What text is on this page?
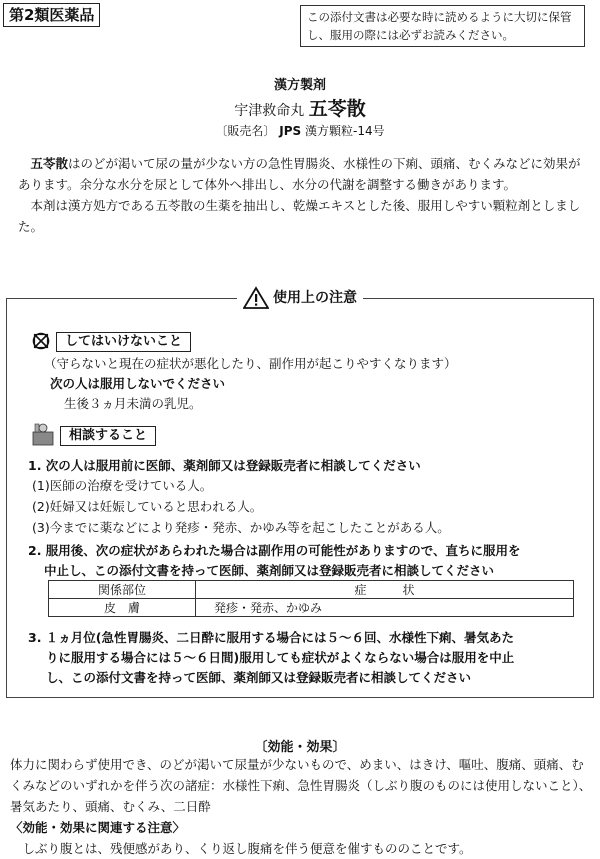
第2類医薬品	この添付文書は必要な時に読めるように大切に保管し、服用の際には必ずお読みください。
漢方製剤
宇津救命丸 五苓散
〔販売名〕 JPS 漢方顆粒-14号

五苓散はのどが渇いて尿の量が少ない方の急性胃腸炎、水様性の下痢、頭痛、むくみなどに効果があります。余分な水分を尿として体外へ排出し、水分の代謝を調整する働きがあります。

本剤は漢方処方である五苓散の生薬を抽出し、乾燥エキスとした後、服用しやすい顆粒剤としました。

使用上の注意
してはいけないこと
（守らないと現在の症状が悪化したり、副作用が起こりやすくなります）
次の人は服用しないでください
生後３ヵ月未満の乳児。
相談すること
1. 次の人は服用前に医師、薬剤師又は登録販売者に相談してください
(1)医師の治療を受けている人。
(2)妊婦又は妊娠していると思われる人。
(3)今までに薬などにより発疹・発赤、かゆみ等を起こしたことがある人。
2. 服用後、次の症状があらわれた場合は副作用の可能性がありますので、直ちに服用を
中止し、この添付文書を持って医師、薬剤師又は登録販売者に相談してください
関係部位	症　　　状
皮　膚	発疹・発赤、かゆみ
3. １ヵ月位(急性胃腸炎、二日酔に服用する場合には５～６回、水様性下痢、暑気あた
りに服用する場合には５～６日間)服用しても症状がよくならない場合は服用を中止
し、この添付文書を持って医師、薬剤師又は登録販売者に相談してください
〔効能・効果〕

体力に関わらず使用でき、のどが渇いて尿量が少ないもので、めまい、はきけ、嘔吐、腹痛、頭痛、むくみなどのいずれかを伴う次の諸症：水様性下痢、急性胃腸炎（しぶり腹のものには使用しないこと）、暑気あたり、頭痛、むくみ、二日酔

〈効能・効果に関連する注意〉

しぶり腹とは、残便感があり、くり返し腹痛を伴う便意を催すもののことです。
